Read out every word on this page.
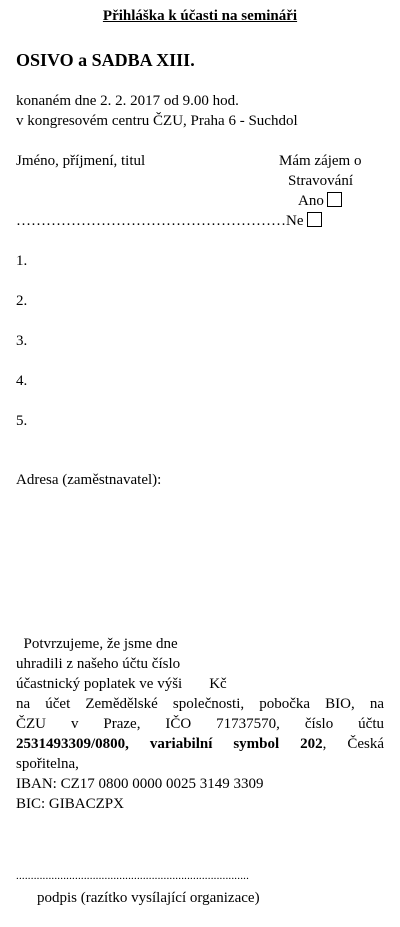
Přihláška k účasti na semináři
OSIVO a SADBA XIII.
konaném dne 2. 2. 2017 od 9.00 hod.
v kongresovém centru ČZU, Praha 6 - Suchdol
Jméno, příjmení, titul	Mám zájem o
Stravování
Ano
………………………………………………Ne
1.
2.
3.
4.
5.
Adresa (zaměstnavatel):
Potvrzujeme, že jsme dne
uhradili z našeho účtu číslo
účastnický poplatek ve výši Kč
na účet Zemědělské společnosti, pobočka BIO, na
ČZU v Praze, IČO 71737570, číslo účtu
2531493309/0800, variabilní symbol 202, Česká
spořitelna,
IBAN: CZ17 0800 0000 0025 3149 3309
BIC: GIBACZPX
...............................................................................
podpis (razítko vysílající organizace)
